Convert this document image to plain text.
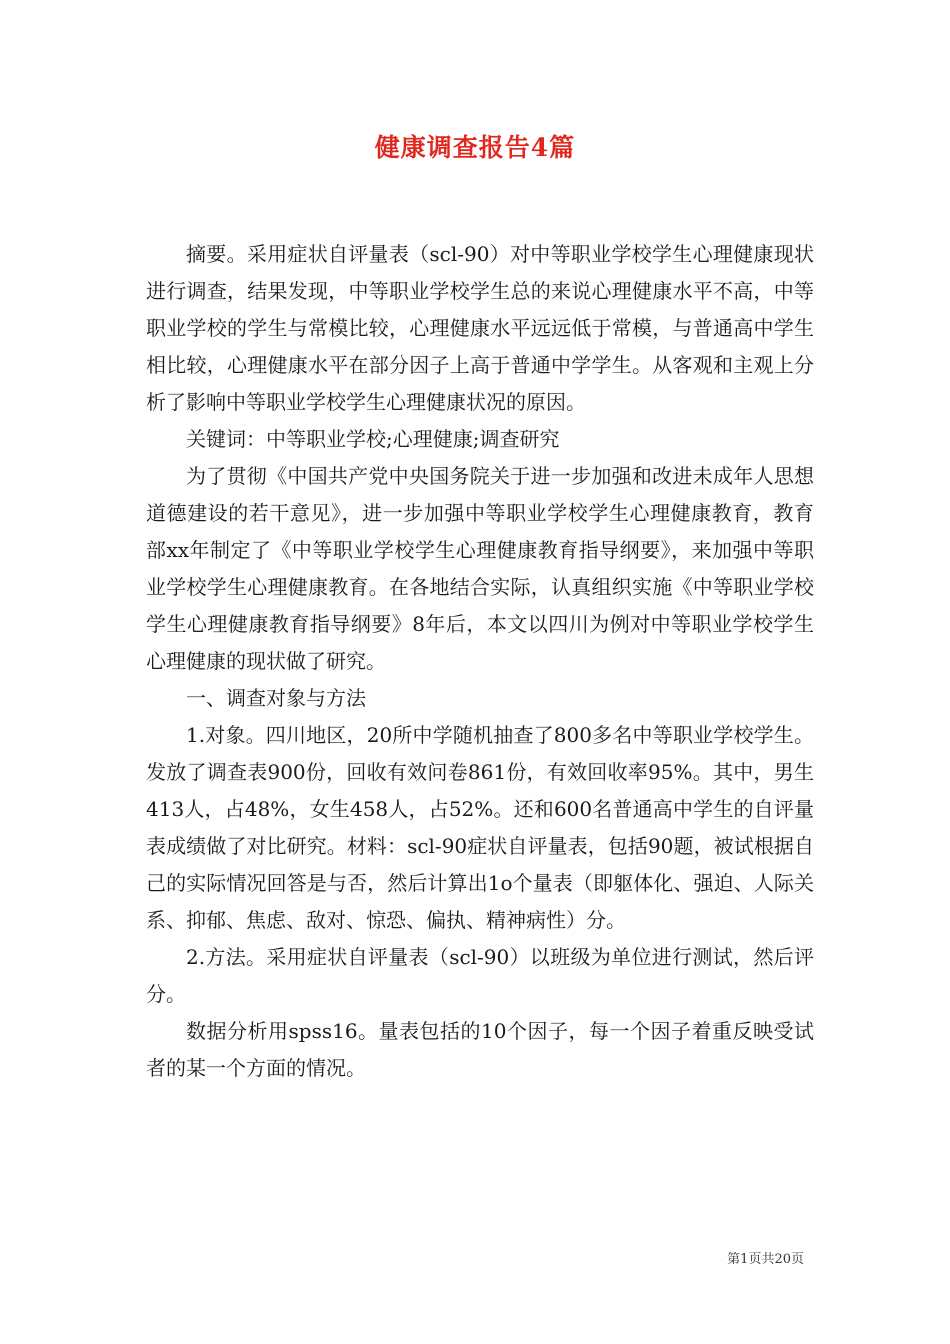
健康调查报告4篇

摘要。采用症状自评量表（scl-90）对中等职业学校学生心理健康现状进行调查，结果发现，中等职业学校学生总的来说心理健康水平不高，中等职业学校的学生与常模比较，心理健康水平远远低于常模，与普通高中学生相比较，心理健康水平在部分因子上高于普通中学学生。从客观和主观上分析了影响中等职业学校学生心理健康状况的原因。

关键词：中等职业学校;心理健康;调查研究

为了贯彻《中国共产党中央国务院关于进一步加强和改进未成年人思想道德建设的若干意见》，进一步加强中等职业学校学生心理健康教育，教育部xx年制定了《中等职业学校学生心理健康教育指导纲要》，来加强中等职业学校学生心理健康教育。在各地结合实际，认真组织实施《中等职业学校学生心理健康教育指导纲要》8年后，本文以四川为例对中等职业学校学生心理健康的现状做了研究。

一、调查对象与方法

1.对象。四川地区，20所中学随机抽查了800多名中等职业学校学生。发放了调查表900份，回收有效问卷861份，有效回收率95%。其中，男生413人，占48%，女生458人，占52%。还和600名普通高中学生的自评量表成绩做了对比研究。材料：scl-90症状自评量表，包括90题，被试根据自己的实际情况回答是与否，然后计算出1o个量表（即躯体化、强迫、人际关系、抑郁、焦虑、敌对、惊恐、偏执、精神病性）分。

2.方法。采用症状自评量表（scl-90）以班级为单位进行测试，然后评分。

数据分析用spss16。量表包括的10个因子，每一个因子着重反映受试者的某一个方面的情况。

第1页共20页
